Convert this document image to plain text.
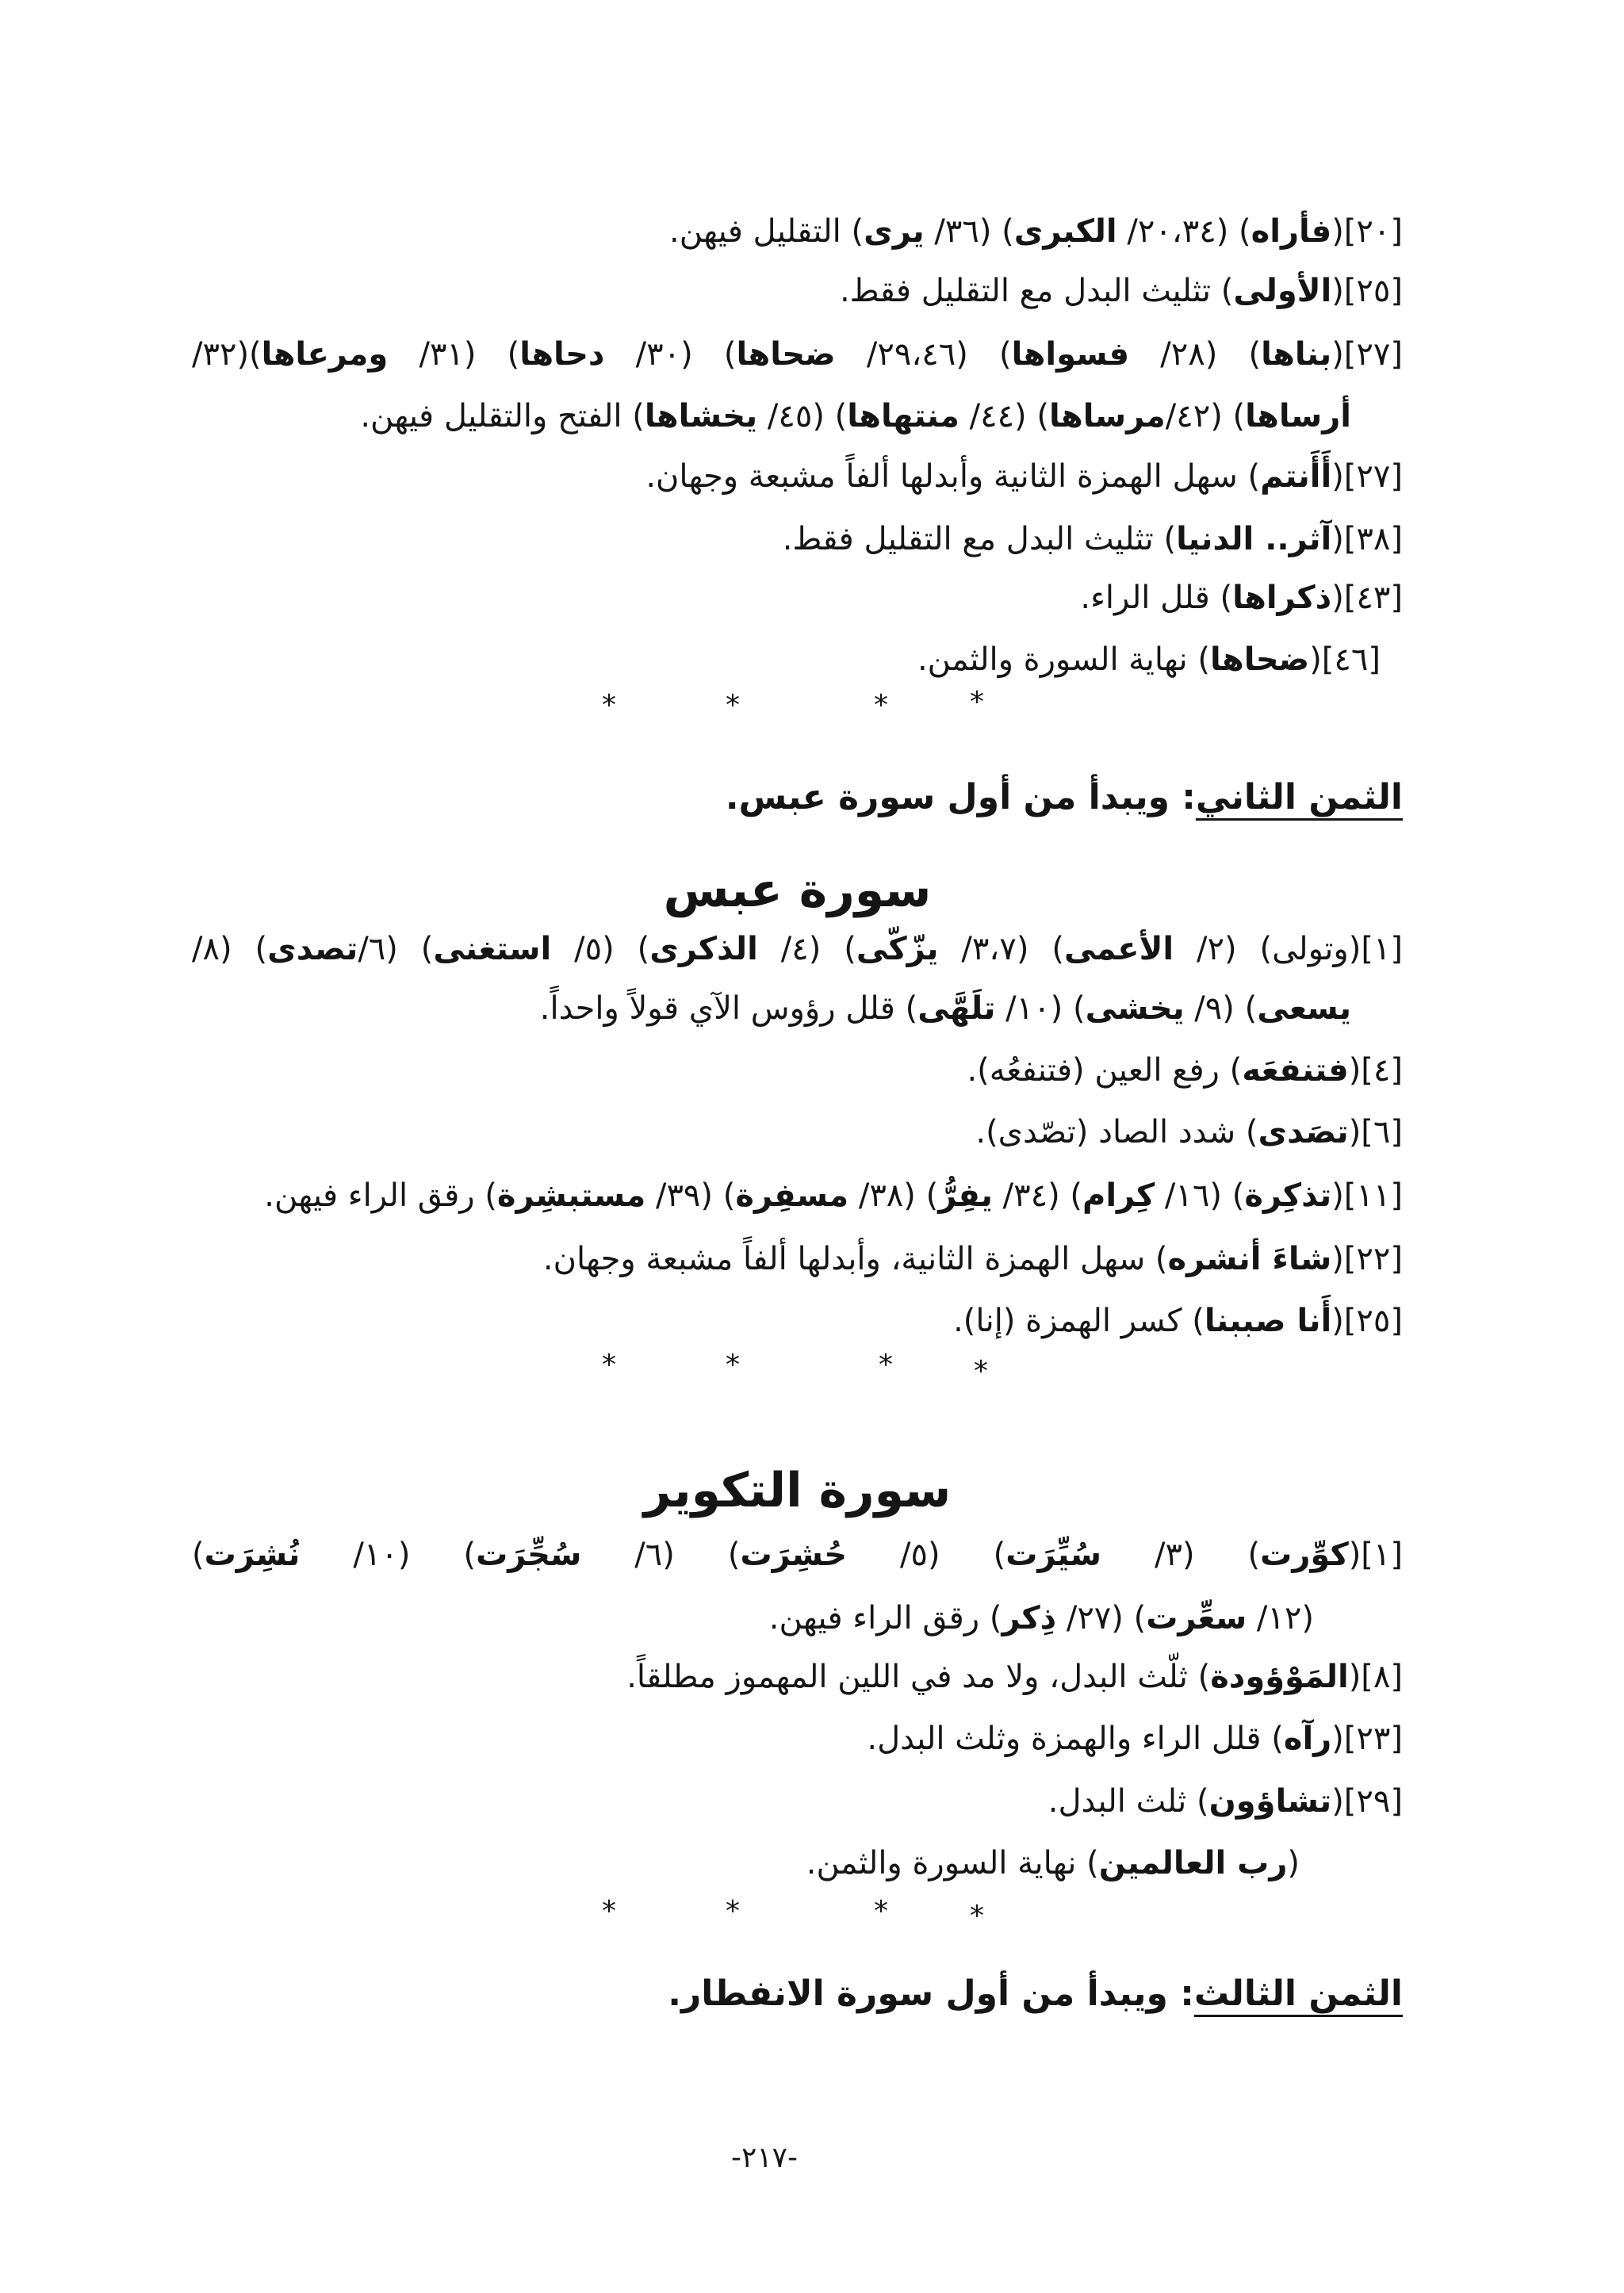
[٢٠](فأراه) (٢٠،٣٤/ الكبرى) (٣٦/ يرى) التقليل فيهن.
[٢٥](الأولى) تثليث البدل مع التقليل فقط.
[٢٧](بناها) (٢٨/ فسواها) (٢٩،٤٦/ ضحاها) (٣٠/ دحاها) (٣١/ ومرعاها)(٣٢/
أرساها) (٤٢/مرساها) (٤٤/ منتهاها) (٤٥/ يخشاها) الفتح والتقليل فيهن.
[٢٧](أَأَنتم) سهل الهمزة الثانية وأبدلها ألفاً مشبعة وجهان.
[٣٨](آثر.. الدنيا) تثليث البدل مع التقليل فقط.
[٤٣](ذكراها) قلل الراء.
[٤٦](ضحاها) نهاية السورة والثمن.
*	*	*	*
الثمن الثاني: ويبدأ من أول سورة عبس.
سورة عبس
[١](وتولى) (٢/ الأعمى) (٣،٧/ يزّكّى) (٤/ الذكرى) (٥/ استغنى) (٦/تصدى) (٨/
يسعى) (٩/ يخشى) (١٠/ تلَهَّى) قلل رؤوس الآي قولاً واحداً.
[٤](فتنفعَه) رفع العين (فتنفعُه).
[٦](تصَدى) شدد الصاد (تصّدى).
[١١](تذكِرة) (١٦/ كِرام) (٣٤/ يفِرُّ) (٣٨/ مسفِرة) (٣٩/ مستبشِرة) رقق الراء فيهن.
[٢٢](شاءَ أنشره) سهل الهمزة الثانية، وأبدلها ألفاً مشبعة وجهان.
[٢٥](أَنا صببنا) كسر الهمزة (إنا).
*	*	*	*
سورة التكوير
[١](كوِّرت) (٣/ سُيِّرَت) (٥/ حُشِرَت) (٦/ سُجِّرَت) (١٠/ نُشِرَت)
(١٢/ سعِّرت) (٢٧/ ذِكر) رقق الراء فيهن.
[٨](المَوْؤودة) ثلّث البدل، ولا مد في اللين المهموز مطلقاً.
[٢٣](رآه) قلل الراء والهمزة وثلث البدل.
[٢٩](تشاؤون) ثلث البدل.
(رب العالمين) نهاية السورة والثمن.
*	*	*	*
الثمن الثالث: ويبدأ من أول سورة الانفطار.
-٢١٧-
